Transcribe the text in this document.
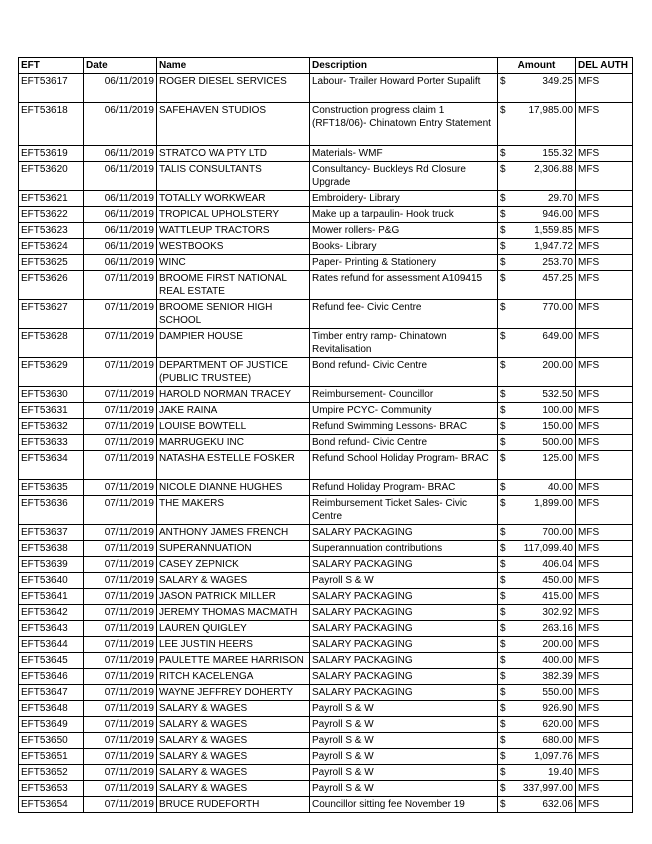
EFT	Date	Name	Description	Amount	DEL AUTH
EFT53617	06/11/2019	ROGER DIESEL SERVICES	Labour- Trailer Howard Porter Supalift	$ 349.25	MFS
EFT53618	06/11/2019	SAFEHAVEN STUDIOS	Construction progress claim 1 (RFT18/06)- Chinatown Entry Statement	$ 17,985.00	MFS
EFT53619	06/11/2019	STRATCO WA PTY LTD	Materials- WMF	$ 155.32	MFS
EFT53620	06/11/2019	TALIS CONSULTANTS	Consultancy- Buckleys Rd Closure Upgrade	$ 2,306.88	MFS
EFT53621	06/11/2019	TOTALLY WORKWEAR	Embroidery- Library	$ 29.70	MFS
EFT53622	06/11/2019	TROPICAL UPHOLSTERY	Make up a tarpaulin- Hook truck	$ 946.00	MFS
EFT53623	06/11/2019	WATTLEUP TRACTORS	Mower rollers- P&G	$ 1,559.85	MFS
EFT53624	06/11/2019	WESTBOOKS	Books- Library	$ 1,947.72	MFS
EFT53625	06/11/2019	WINC	Paper- Printing & Stationery	$ 253.70	MFS
EFT53626	07/11/2019	BROOME FIRST NATIONAL REAL ESTATE	Rates refund for assessment A109415	$ 457.25	MFS
EFT53627	07/11/2019	BROOME SENIOR HIGH SCHOOL	Refund fee- Civic Centre	$ 770.00	MFS
EFT53628	07/11/2019	DAMPIER HOUSE	Timber entry ramp- Chinatown Revitalisation	$ 649.00	MFS
EFT53629	07/11/2019	DEPARTMENT OF JUSTICE (PUBLIC TRUSTEE)	Bond refund- Civic Centre	$ 200.00	MFS
EFT53630	07/11/2019	HAROLD NORMAN TRACEY	Reimbursement- Councillor	$ 532.50	MFS
EFT53631	07/11/2019	JAKE RAINA	Umpire PCYC- Community	$ 100.00	MFS
EFT53632	07/11/2019	LOUISE BOWTELL	Refund Swimming Lessons- BRAC	$ 150.00	MFS
EFT53633	07/11/2019	MARRUGEKU INC	Bond refund- Civic Centre	$ 500.00	MFS
EFT53634	07/11/2019	NATASHA ESTELLE FOSKER	Refund School Holiday Program- BRAC	$ 125.00	MFS
EFT53635	07/11/2019	NICOLE DIANNE HUGHES	Refund Holiday Program- BRAC	$ 40.00	MFS
EFT53636	07/11/2019	THE MAKERS	Reimbursement Ticket Sales- Civic Centre	$ 1,899.00	MFS
EFT53637	07/11/2019	ANTHONY JAMES FRENCH	SALARY PACKAGING	$ 700.00	MFS
EFT53638	07/11/2019	SUPERANNUATION	Superannuation contributions	$ 117,099.40	MFS
EFT53639	07/11/2019	CASEY ZEPNICK	SALARY PACKAGING	$ 406.04	MFS
EFT53640	07/11/2019	SALARY & WAGES	Payroll S & W	$ 450.00	MFS
EFT53641	07/11/2019	JASON PATRICK MILLER	SALARY PACKAGING	$ 415.00	MFS
EFT53642	07/11/2019	JEREMY THOMAS MACMATH	SALARY PACKAGING	$ 302.92	MFS
EFT53643	07/11/2019	LAUREN QUIGLEY	SALARY PACKAGING	$ 263.16	MFS
EFT53644	07/11/2019	LEE JUSTIN HEERS	SALARY PACKAGING	$ 200.00	MFS
EFT53645	07/11/2019	PAULETTE MAREE HARRISON	SALARY PACKAGING	$ 400.00	MFS
EFT53646	07/11/2019	RITCH KACELENGA	SALARY PACKAGING	$ 382.39	MFS
EFT53647	07/11/2019	WAYNE JEFFREY DOHERTY	SALARY PACKAGING	$ 550.00	MFS
EFT53648	07/11/2019	SALARY & WAGES	Payroll S & W	$ 926.90	MFS
EFT53649	07/11/2019	SALARY & WAGES	Payroll S & W	$ 620.00	MFS
EFT53650	07/11/2019	SALARY & WAGES	Payroll S & W	$ 680.00	MFS
EFT53651	07/11/2019	SALARY & WAGES	Payroll S & W	$ 1,097.76	MFS
EFT53652	07/11/2019	SALARY & WAGES	Payroll S & W	$ 19.40	MFS
EFT53653	07/11/2019	SALARY & WAGES	Payroll S & W	$ 337,997.00	MFS
EFT53654	07/11/2019	BRUCE RUDEFORTH	Councillor sitting fee November 19	$ 632.06	MFS
